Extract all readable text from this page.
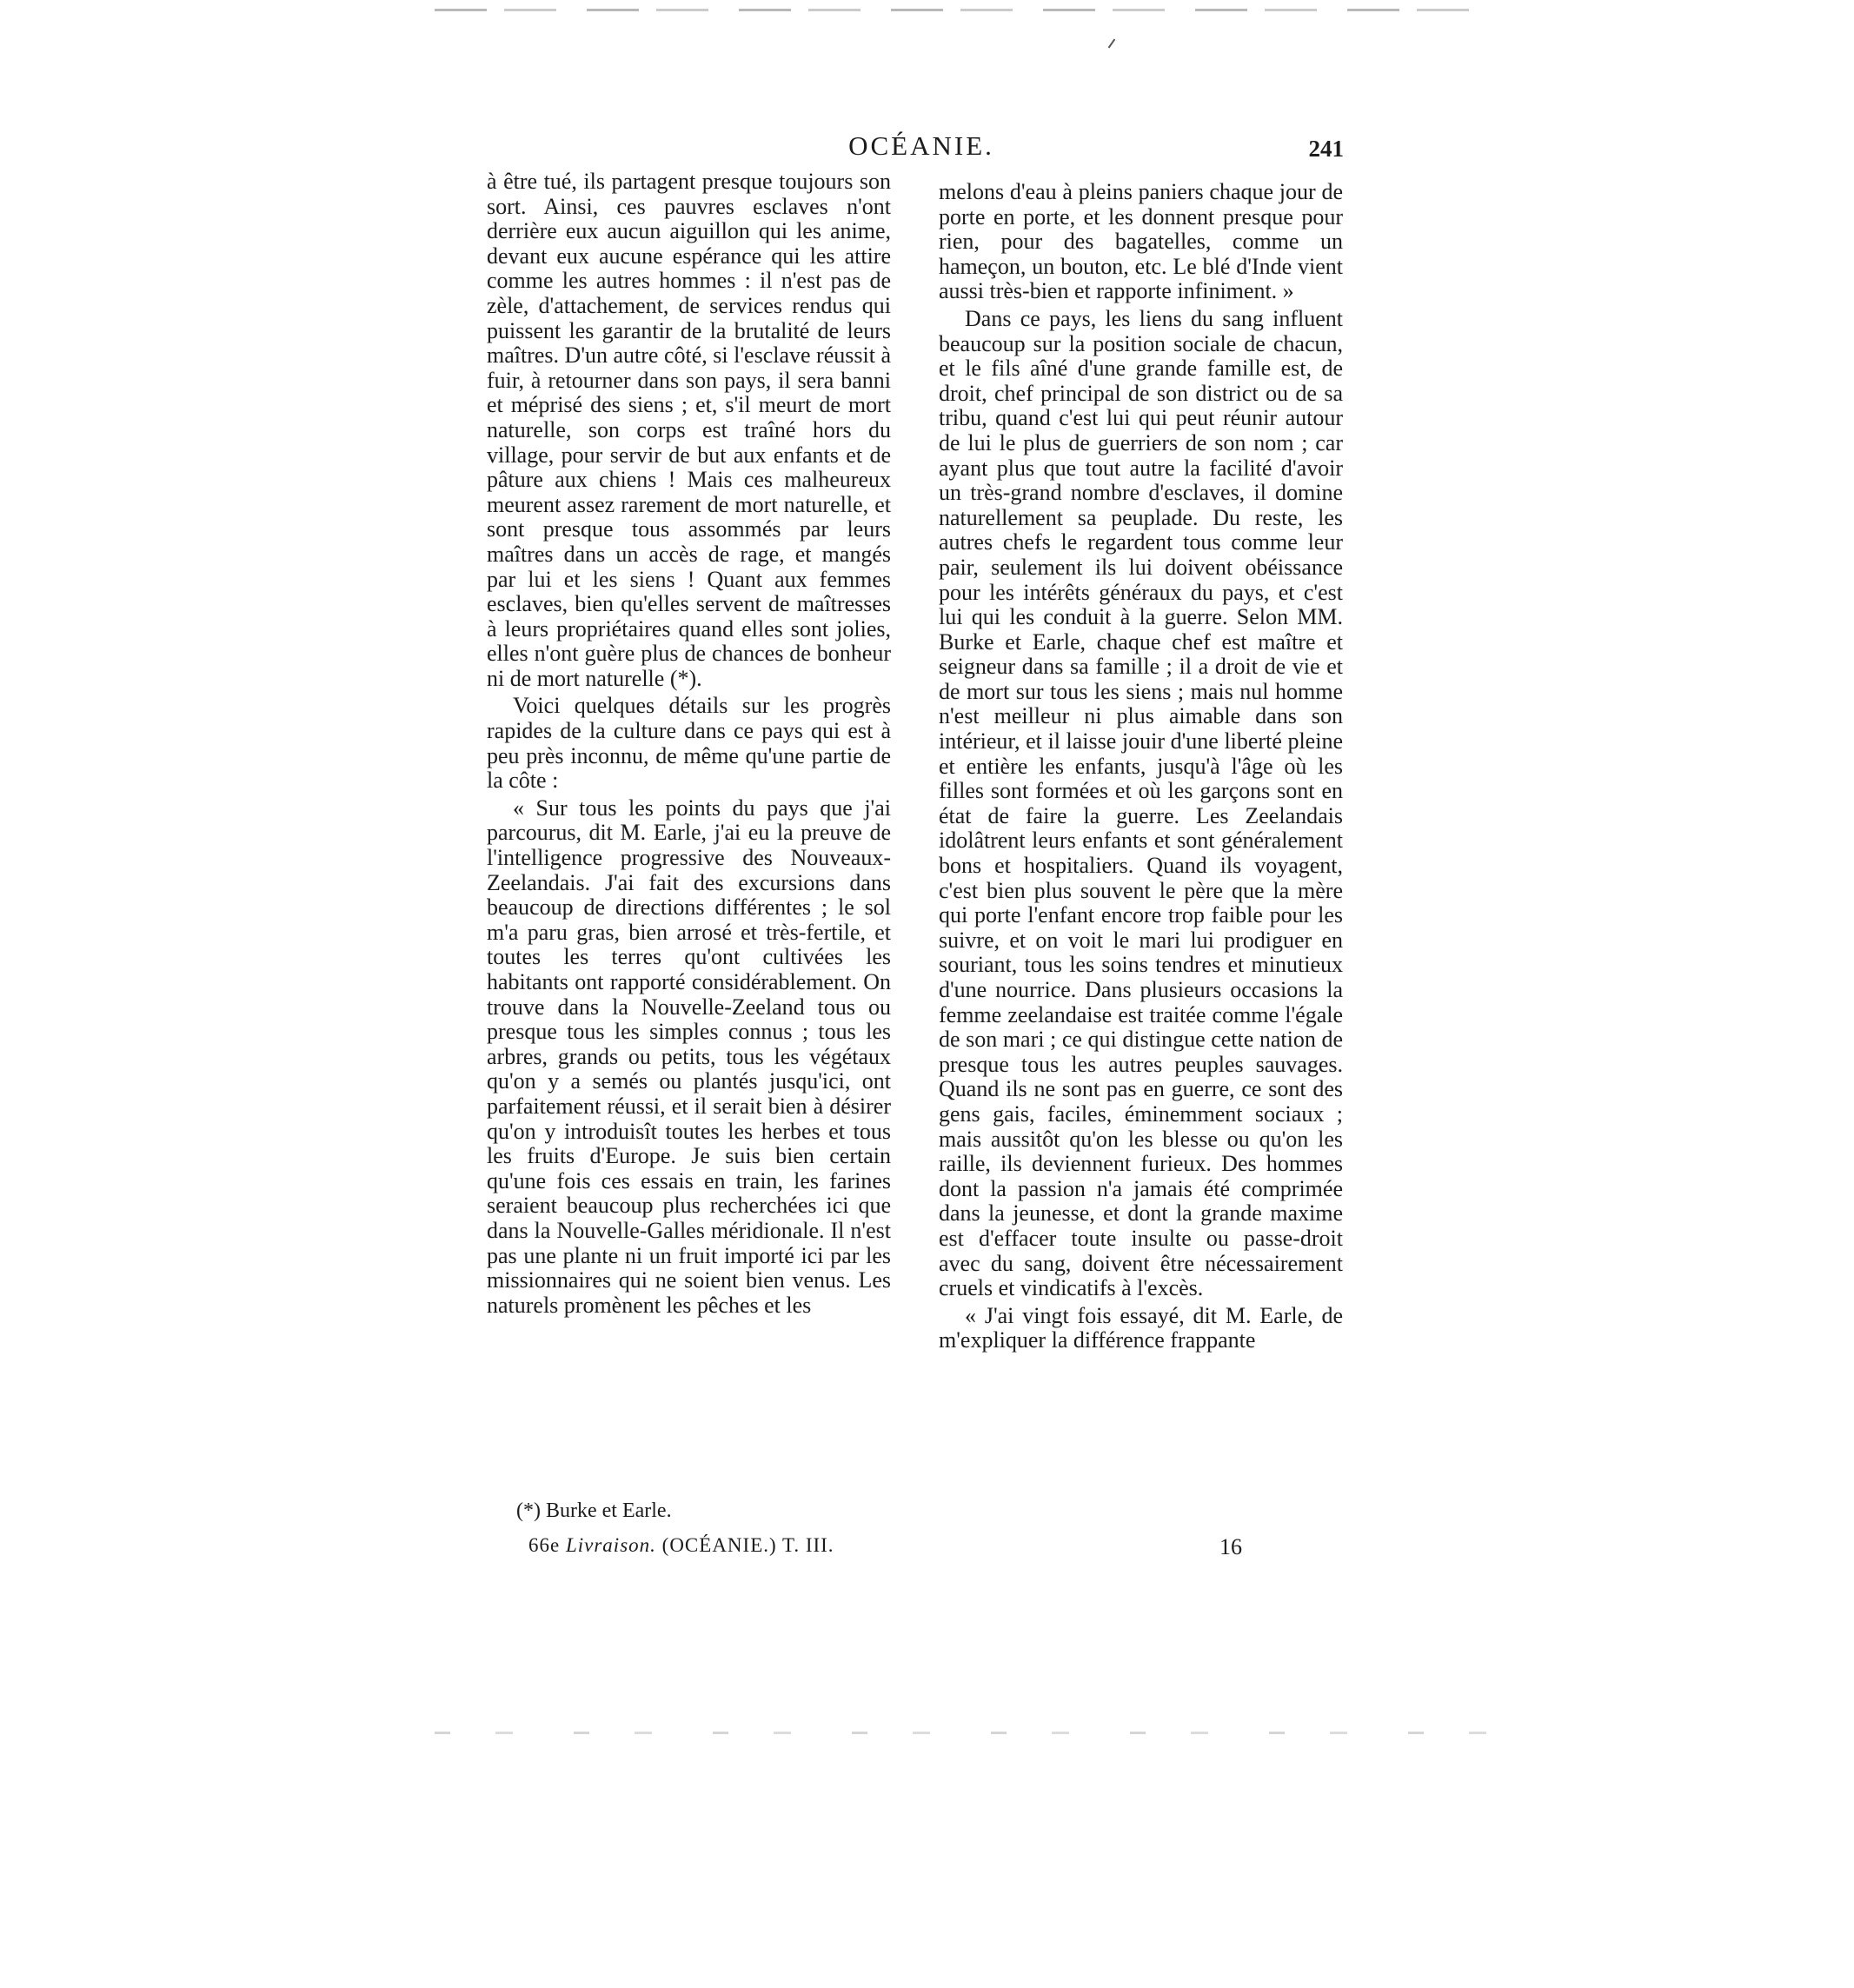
OCÉANIE.	241

à être tué, ils partagent presque toujours son sort. Ainsi, ces pauvres esclaves n'ont derrière eux aucun aiguillon qui les anime, devant eux aucune espérance qui les attire comme les autres hommes : il n'est pas de zèle, d'attachement, de services rendus qui puissent les garantir de la brutalité de leurs maîtres. D'un autre côté, si l'esclave réussit à fuir, à retourner dans son pays, il sera banni et méprisé des siens ; et, s'il meurt de mort naturelle, son corps est traîné hors du village, pour servir de but aux enfants et de pâture aux chiens ! Mais ces malheureux meurent assez rarement de mort naturelle, et sont presque tous assommés par leurs maîtres dans un accès de rage, et mangés par lui et les siens ! Quant aux femmes esclaves, bien qu'elles servent de maîtresses à leurs propriétaires quand elles sont jolies, elles n'ont guère plus de chances de bonheur ni de mort naturelle (*).

Voici quelques détails sur les progrès rapides de la culture dans ce pays qui est à peu près inconnu, de même qu'une partie de la côte :

« Sur tous les points du pays que j'ai parcourus, dit M. Earle, j'ai eu la preuve de l'intelligence progressive des Nouveaux-Zeelandais. J'ai fait des excursions dans beaucoup de directions différentes ; le sol m'a paru gras, bien arrosé et très-fertile, et toutes les terres qu'ont cultivées les habitants ont rapporté considérablement. On trouve dans la Nouvelle-Zeeland tous ou presque tous les simples connus ; tous les arbres, grands ou petits, tous les végétaux qu'on y a semés ou plantés jusqu'ici, ont parfaitement réussi, et il serait bien à désirer qu'on y introduisît toutes les herbes et tous les fruits d'Europe. Je suis bien certain qu'une fois ces essais en train, les farines seraient beaucoup plus recherchées ici que dans la Nouvelle-Galles méridionale. Il n'est pas une plante ni un fruit importé ici par les missionnaires qui ne soient bien venus. Les naturels promènent les pêches et les

melons d'eau à pleins paniers chaque jour de porte en porte, et les donnent presque pour rien, pour des bagatelles, comme un hameçon, un bouton, etc. Le blé d'Inde vient aussi très-bien et rapporte infiniment. »

Dans ce pays, les liens du sang influent beaucoup sur la position sociale de chacun, et le fils aîné d'une grande famille est, de droit, chef principal de son district ou de sa tribu, quand c'est lui qui peut réunir autour de lui le plus de guerriers de son nom ; car ayant plus que tout autre la facilité d'avoir un très-grand nombre d'esclaves, il domine naturellement sa peuplade. Du reste, les autres chefs le regardent tous comme leur pair, seulement ils lui doivent obéissance pour les intérêts généraux du pays, et c'est lui qui les conduit à la guerre. Selon MM. Burke et Earle, chaque chef est maître et seigneur dans sa famille ; il a droit de vie et de mort sur tous les siens ; mais nul homme n'est meilleur ni plus aimable dans son intérieur, et il laisse jouir d'une liberté pleine et entière les enfants, jusqu'à l'âge où les filles sont formées et où les garçons sont en état de faire la guerre. Les Zeelandais idolâtrent leurs enfants et sont généralement bons et hospitaliers. Quand ils voyagent, c'est bien plus souvent le père que la mère qui porte l'enfant encore trop faible pour les suivre, et on voit le mari lui prodiguer en souriant, tous les soins tendres et minutieux d'une nourrice. Dans plusieurs occasions la femme zeelandaise est traitée comme l'égale de son mari ; ce qui distingue cette nation de presque tous les autres peuples sauvages. Quand ils ne sont pas en guerre, ce sont des gens gais, faciles, éminemment sociaux ; mais aussitôt qu'on les blesse ou qu'on les raille, ils deviennent furieux. Des hommes dont la passion n'a jamais été comprimée dans la jeunesse, et dont la grande maxime est d'effacer toute insulte ou passe-droit avec du sang, doivent être nécessairement cruels et vindicatifs à l'excès.

« J'ai vingt fois essayé, dit M. Earle, de m'expliquer la différence frappante

(*) Burke et Earle.
66e Livraison. (OCÉANIE.) T. III.	16
